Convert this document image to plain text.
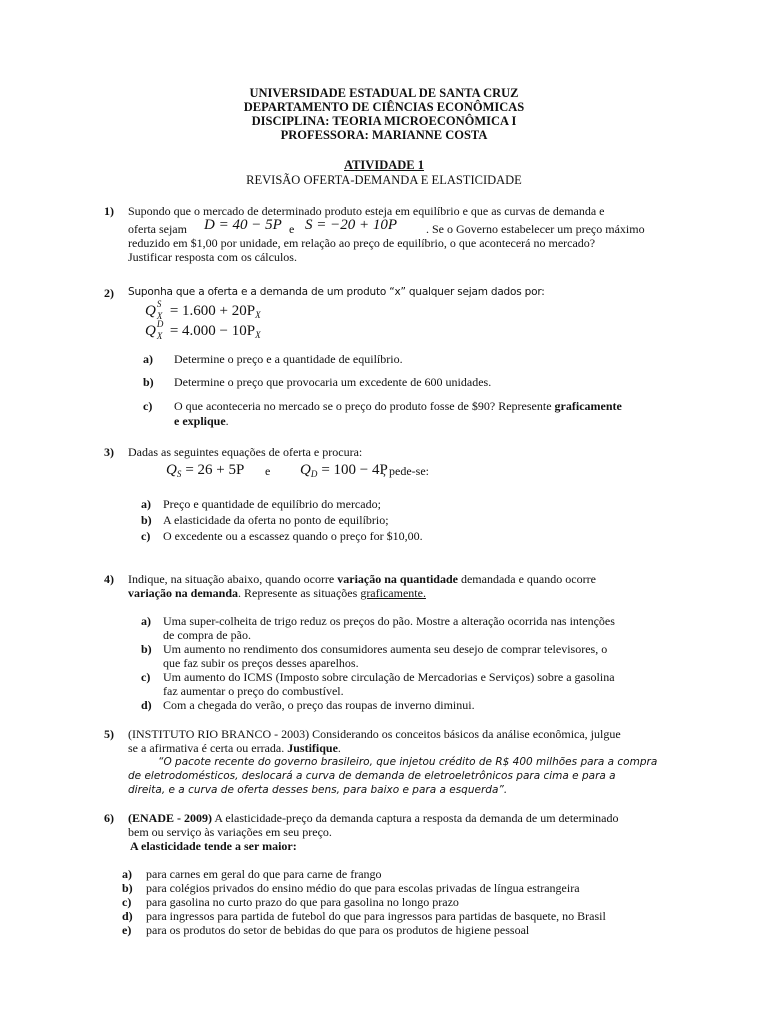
UNIVERSIDADE ESTADUAL DE SANTA CRUZ
DEPARTAMENTO DE CIÊNCIAS ECONÔMICAS
DISCIPLINA: TEORIA MICROECONÔMICA I
PROFESSORA: MARIANNE COSTA
ATIVIDADE 1
REVISÃO OFERTA-DEMANDA E ELASTICIDADE
1) Supondo que o mercado de determinado produto esteja em equilíbrio e que as curvas de demanda e
oferta sejam D = 40 − 5P e S = −20 + 10P . Se o Governo estabelecer um preço máximo
reduzido em $1,00 por unidade, em relação ao preço de equilíbrio, o que acontecerá no mercado?
Justificar resposta com os cálculos.
2) Suponha que a oferta e a demanda de um produto “x” qualquer sejam dados por:
Q S
X = 1.600 + 20PX
Q D
X = 4.000 − 10PX
a) Determine o preço e a quantidade de equilíbrio.
b) Determine o preço que provocaria um excedente de 600 unidades.
c) O que aconteceria no mercado se o preço do produto fosse de $90? Represente graficamente
e explique.
3) Dadas as seguintes equações de oferta e procura:
QS = 26 + 5P e QD = 100 − 4P
, pede-se:
a) Preço e quantidade de equilíbrio do mercado;
b) A elasticidade da oferta no ponto de equilíbrio;
c) O excedente ou a escassez quando o preço for $10,00.
4) Indique, na situação abaixo, quando ocorre variação na quantidade demandada e quando ocorre
variação na demanda. Represente as situações graficamente.
a) Uma super-colheita de trigo reduz os preços do pão. Mostre a alteração ocorrida nas intenções
de compra de pão.
b) Um aumento no rendimento dos consumidores aumenta seu desejo de comprar televisores, o
que faz subir os preços desses aparelhos.
c) Um aumento do ICMS (Imposto sobre circulação de Mercadorias e Serviços) sobre a gasolina
faz aumentar o preço do combustível.
d) Com a chegada do verão, o preço das roupas de inverno diminui.
5) (INSTITUTO RIO BRANCO - 2003) Considerando os conceitos básicos da análise econômica, julgue
se a afirmativa é certa ou errada. Justifique.
“O pacote recente do governo brasileiro, que injetou crédito de R$ 400 milhões para a compra
de eletrodomésticos, deslocará a curva de demanda de eletroeletrônicos para cima e para a
direita, e a curva de oferta desses bens, para baixo e para a esquerda”.
6) (ENADE - 2009) A elasticidade-preço da demanda captura a resposta da demanda de um determinado
bem ou serviço às variações em seu preço.
A elasticidade tende a ser maior:
a) para carnes em geral do que para carne de frango
b) para colégios privados do ensino médio do que para escolas privadas de língua estrangeira
c) para gasolina no curto prazo do que para gasolina no longo prazo
d) para ingressos para partida de futebol do que para ingressos para partidas de basquete, no Brasil
e) para os produtos do setor de bebidas do que para os produtos de higiene pessoal
